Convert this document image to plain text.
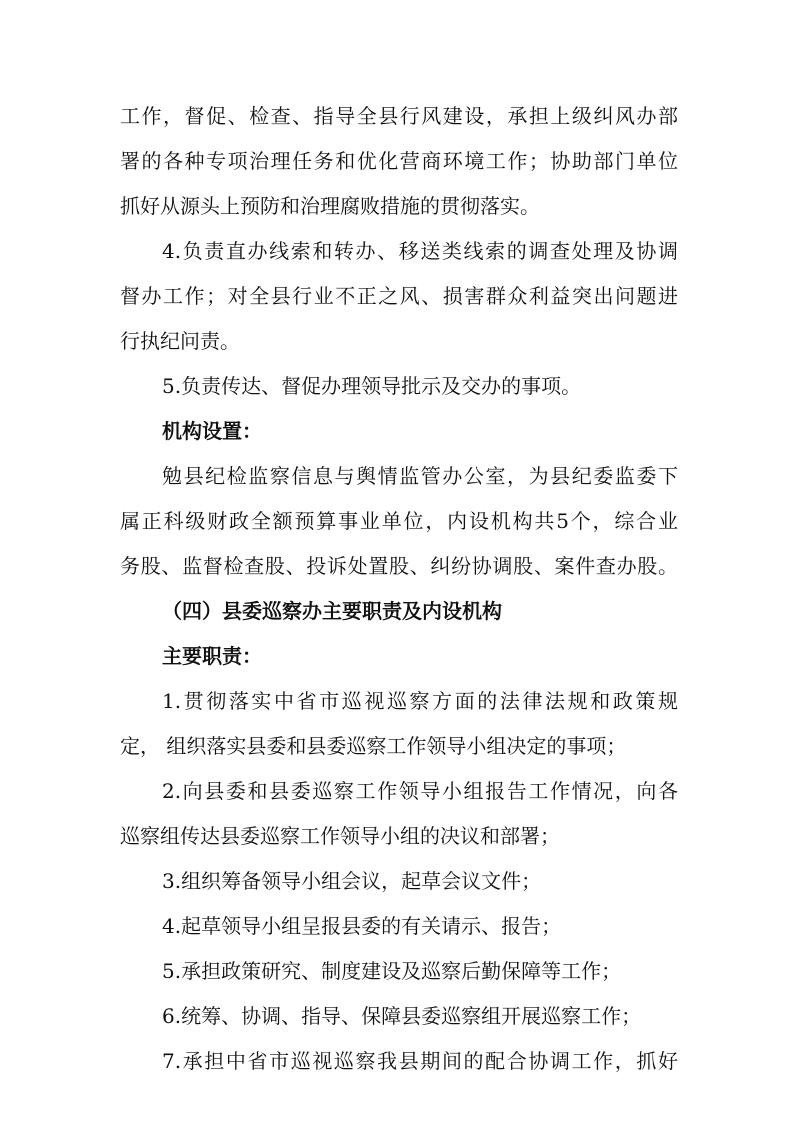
工作，督促、检查、指导全县行风建设，承担上级纠风办部
署的各种专项治理任务和优化营商环境工作；协助部门单位
抓好从源头上预防和治理腐败措施的贯彻落实。
4.负责直办线索和转办、移送类线索的调查处理及协调
督办工作；对全县行业不正之风、损害群众利益突出问题进
行执纪问责。
5.负责传达、督促办理领导批示及交办的事项。
机构设置：
勉县纪检监察信息与舆情监管办公室，为县纪委监委下
属正科级财政全额预算事业单位，内设机构共5个，综合业
务股、监督检查股、投诉处置股、纠纷协调股、案件查办股。
（四）县委巡察办主要职责及内设机构
主要职责：
1.贯彻落实中省市巡视巡察方面的法律法规和政策规
定， 组织落实县委和县委巡察工作领导小组决定的事项；
2.向县委和县委巡察工作领导小组报告工作情况，向各
巡察组传达县委巡察工作领导小组的决议和部署；
3.组织筹备领导小组会议，起草会议文件；
4.起草领导小组呈报县委的有关请示、报告；
5.承担政策研究、制度建设及巡察后勤保障等工作；
6.统筹、协调、指导、保障县委巡察组开展巡察工作；
7.承担中省市巡视巡察我县期间的配合协调工作，抓好
